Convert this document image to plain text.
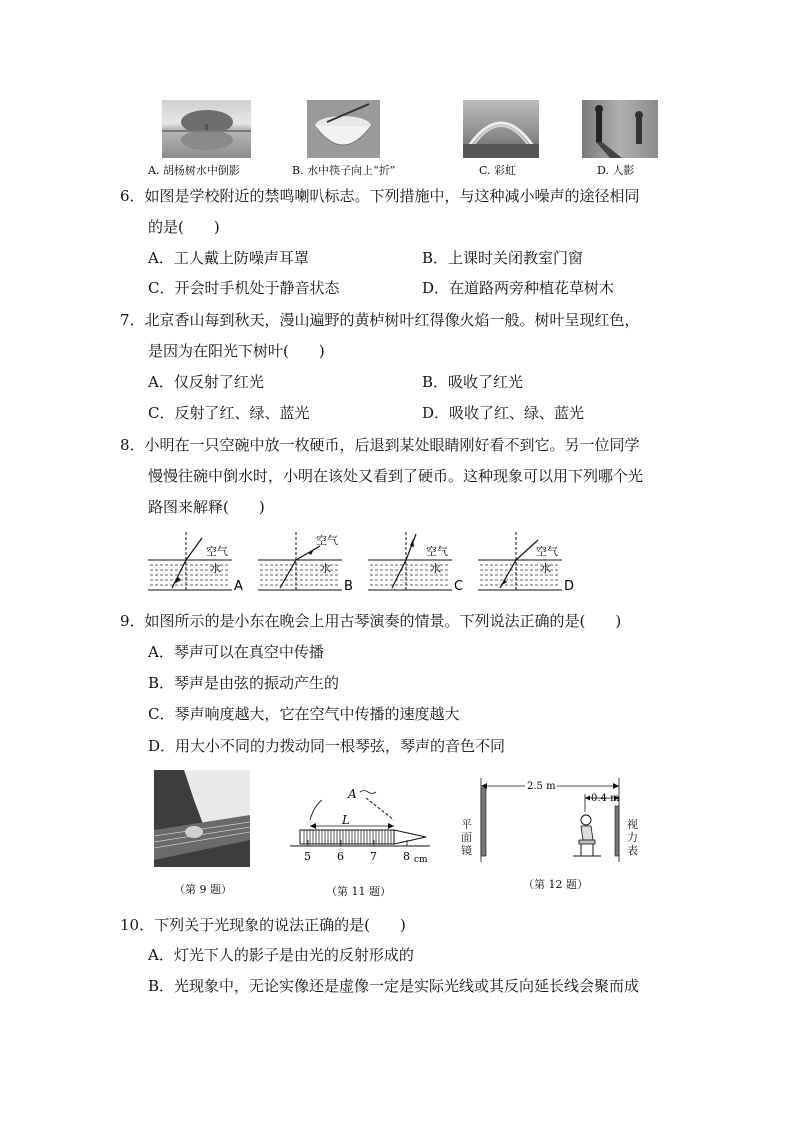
A. 胡杨树水中倒影	B. 水中筷子向上“折”	C. 彩虹	D. 人影
6．如图是学校附近的禁鸣喇叭标志。下列措施中，与这种减小噪声的途径相同
的是(　　)
A．工人戴上防噪声耳罩	B．上课时关闭教室门窗
C．开会时手机处于静音状态	D．在道路两旁种植花草树木
7．北京香山每到秋天，漫山遍野的黄栌树叶红得像火焰一般。树叶呈现红色，
是因为在阳光下树叶(　　)
A．仅反射了红光	B．吸收了红光
C．反射了红、绿、蓝光	D．吸收了红、绿、蓝光
8．小明在一只空碗中放一枚硬币，后退到某处眼睛刚好看不到它。另一位同学
慢慢往碗中倒水时，小明在该处又看到了硬币。这种现象可以用下列哪个光
路图来解释(　　)
空气
水
A
空气
水
B
空气
水
C
空气
水
D
9．如图所示的是小东在晚会上用古琴演奏的情景。下列说法正确的是(　　)
A．琴声可以在真空中传播
B．琴声是由弦的振动产生的
C．琴声响度越大，它在空气中传播的速度越大
D．用大小不同的力拨动同一根琴弦，琴声的音色不同
（第 9 题）
A
L
5 6 7 8 cm
（第 11 题）
2.5 m
0.4 m
平面镜
视力表
（第 12 题）
10．下列关于光现象的说法正确的是(　　)
A．灯光下人的影子是由光的反射形成的
B．光现象中，无论实像还是虚像一定是实际光线或其反向延长线会聚而成
